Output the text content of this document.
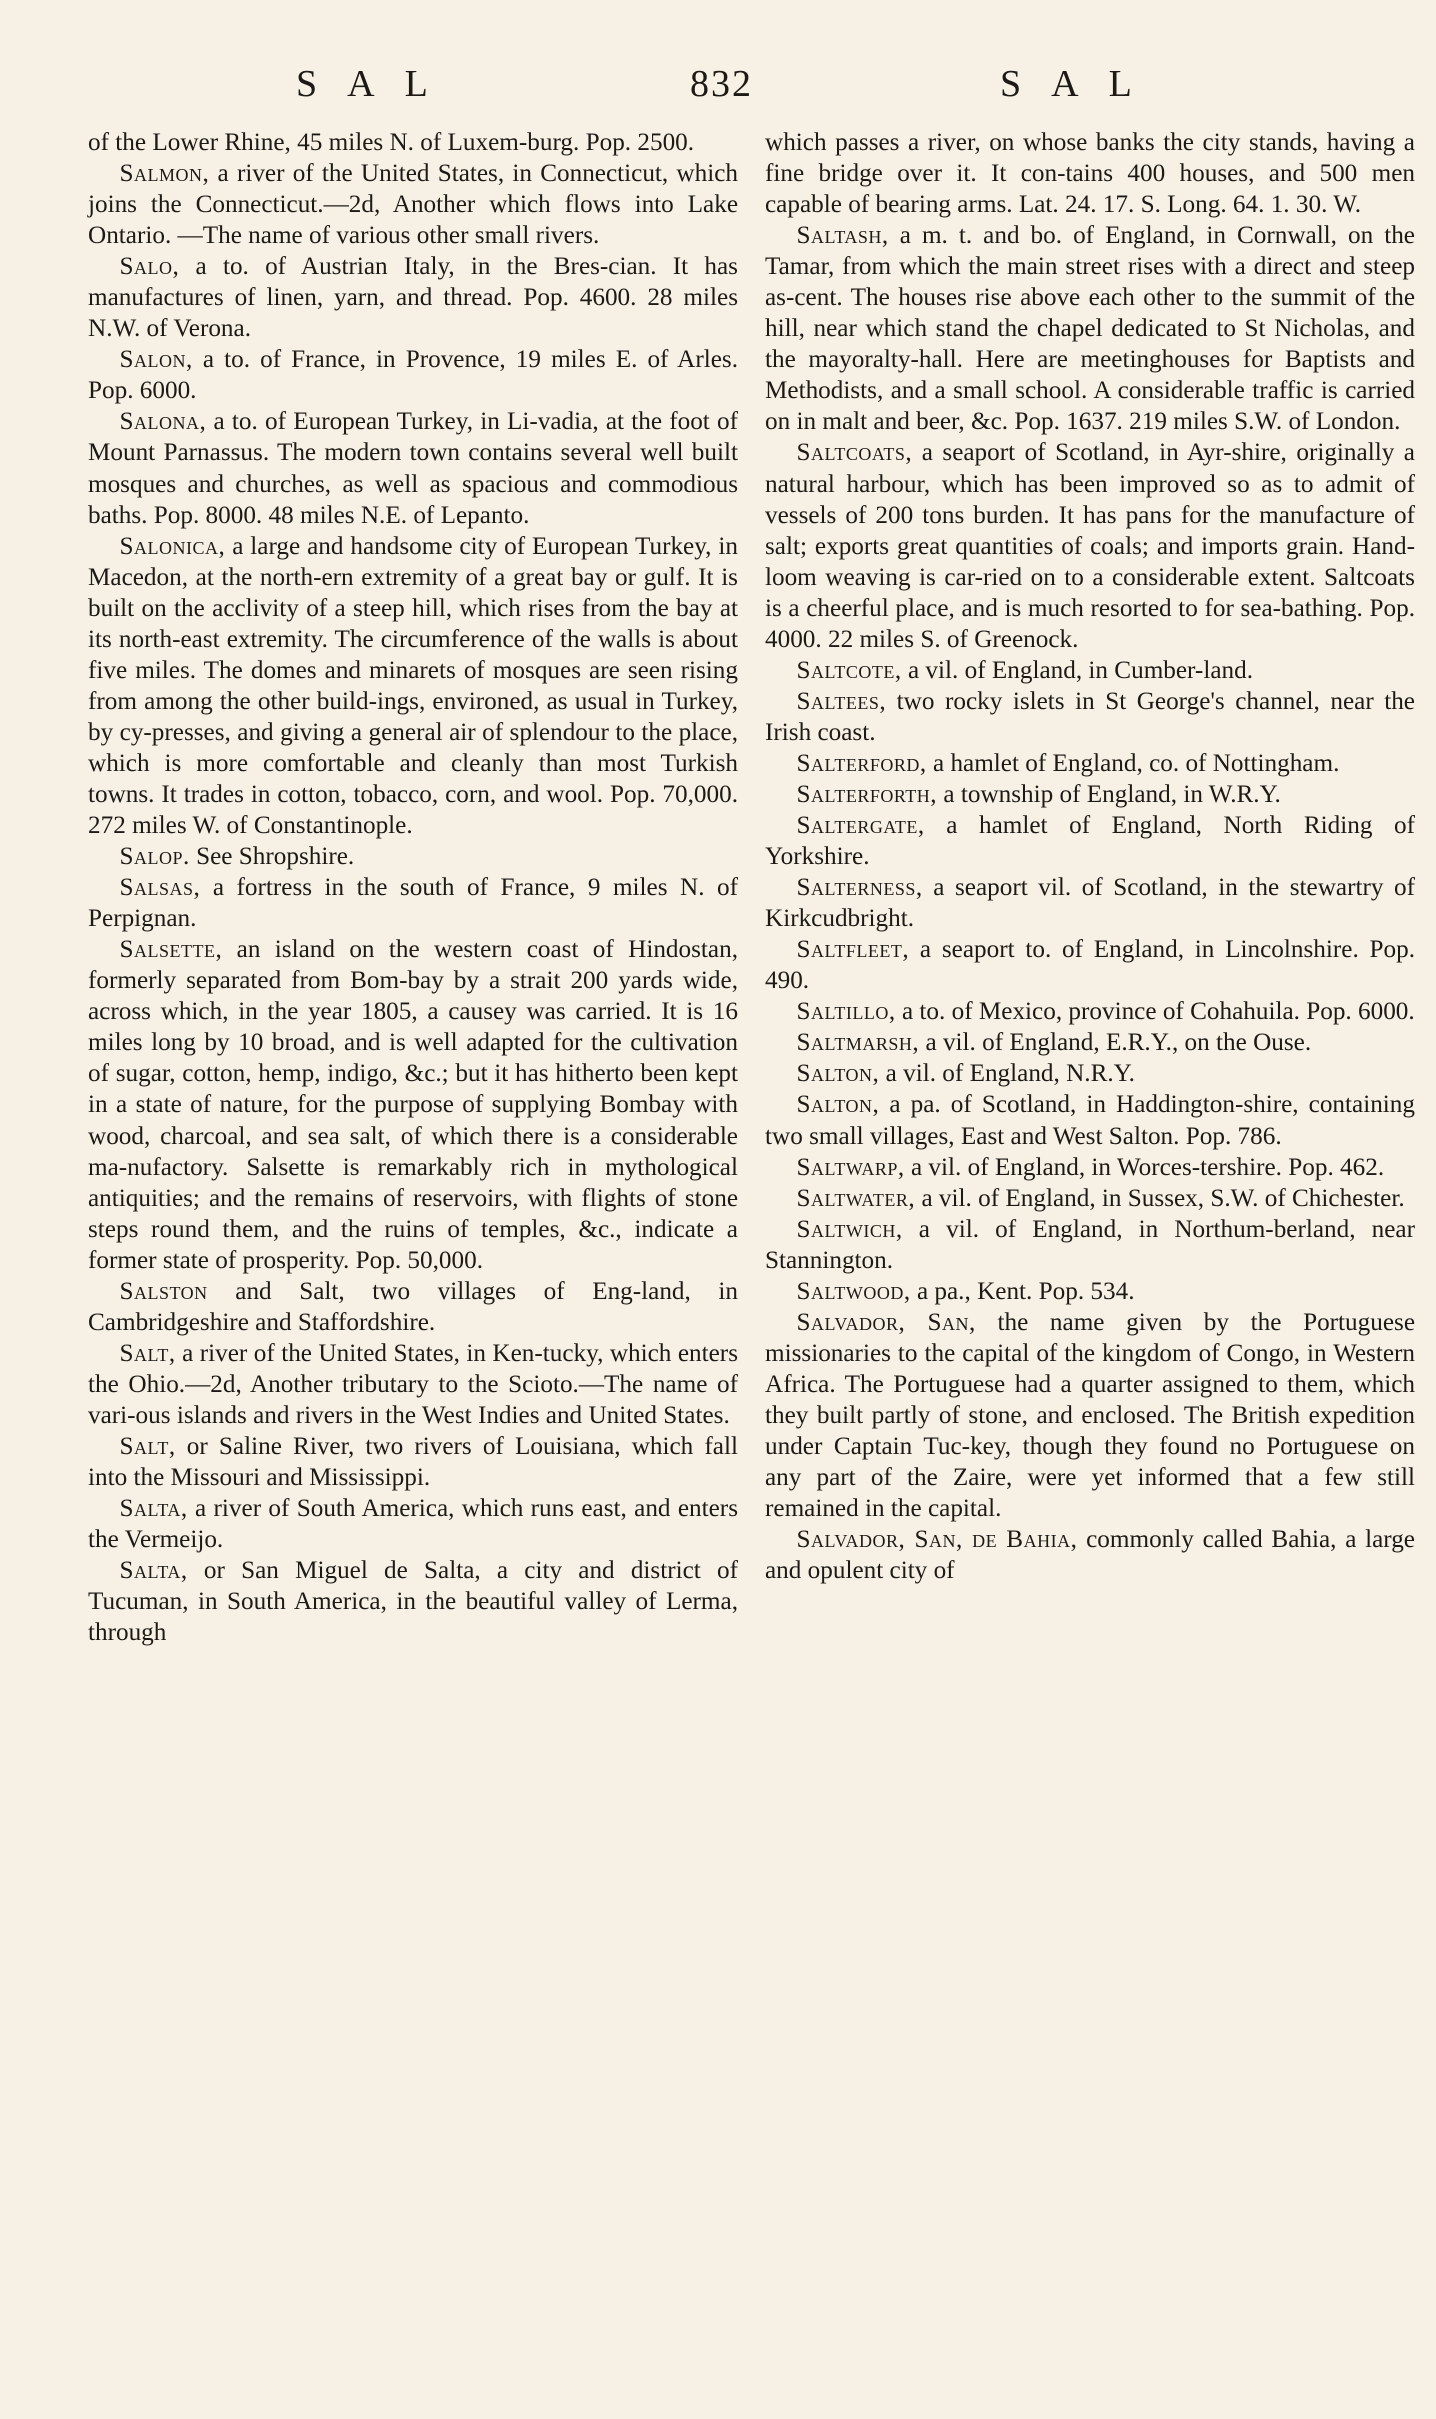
SAL	832	SAL

of the Lower Rhine, 45 miles N. of Luxem-burg. Pop. 2500.

Salmon, a river of the United States, in Connecticut, which joins the Connecticut.—2d, Another which flows into Lake Ontario. —The name of various other small rivers.

Salo, a to. of Austrian Italy, in the Bres-cian. It has manufactures of linen, yarn, and thread. Pop. 4600. 28 miles N.W. of Verona.

Salon, a to. of France, in Provence, 19 miles E. of Arles. Pop. 6000.

Salona, a to. of European Turkey, in Li-vadia, at the foot of Mount Parnassus. The modern town contains several well built mosques and churches, as well as spacious and commodious baths. Pop. 8000. 48 miles N.E. of Lepanto.

Salonica, a large and handsome city of European Turkey, in Macedon, at the north-ern extremity of a great bay or gulf. It is built on the acclivity of a steep hill, which rises from the bay at its north-east extremity. The circumference of the walls is about five miles. The domes and minarets of mosques are seen rising from among the other build-ings, environed, as usual in Turkey, by cy-presses, and giving a general air of splendour to the place, which is more comfortable and cleanly than most Turkish towns. It trades in cotton, tobacco, corn, and wool. Pop. 70,000. 272 miles W. of Constantinople.

Salop. See Shropshire.

Salsas, a fortress in the south of France, 9 miles N. of Perpignan.

Salsette, an island on the western coast of Hindostan, formerly separated from Bom-bay by a strait 200 yards wide, across which, in the year 1805, a causey was carried. It is 16 miles long by 10 broad, and is well adapted for the cultivation of sugar, cotton, hemp, indigo, &c.; but it has hitherto been kept in a state of nature, for the purpose of supplying Bombay with wood, charcoal, and sea salt, of which there is a considerable ma-nufactory. Salsette is remarkably rich in mythological antiquities; and the remains of reservoirs, with flights of stone steps round them, and the ruins of temples, &c., indicate a former state of prosperity. Pop. 50,000.

Salston and Salt, two villages of Eng-land, in Cambridgeshire and Staffordshire.

Salt, a river of the United States, in Ken-tucky, which enters the Ohio.—2d, Another tributary to the Scioto.—The name of vari-ous islands and rivers in the West Indies and United States.

Salt, or Saline River, two rivers of Louisiana, which fall into the Missouri and Mississippi.

Salta, a river of South America, which runs east, and enters the Vermeijo.

Salta, or San Miguel de Salta, a city and district of Tucuman, in South America, in the beautiful valley of Lerma, through

which passes a river, on whose banks the city stands, having a fine bridge over it. It con-tains 400 houses, and 500 men capable of bearing arms. Lat. 24. 17. S. Long. 64. 1. 30. W.

Saltash, a m. t. and bo. of England, in Cornwall, on the Tamar, from which the main street rises with a direct and steep as-cent. The houses rise above each other to the summit of the hill, near which stand the chapel dedicated to St Nicholas, and the mayoralty-hall. Here are meetinghouses for Baptists and Methodists, and a small school. A considerable traffic is carried on in malt and beer, &c. Pop. 1637. 219 miles S.W. of London.

Saltcoats, a seaport of Scotland, in Ayr-shire, originally a natural harbour, which has been improved so as to admit of vessels of 200 tons burden. It has pans for the manufacture of salt; exports great quantities of coals; and imports grain. Hand-loom weaving is car-ried on to a considerable extent. Saltcoats is a cheerful place, and is much resorted to for sea-bathing. Pop. 4000. 22 miles S. of Greenock.

Saltcote, a vil. of England, in Cumber-land.

Saltees, two rocky islets in St George's channel, near the Irish coast.

Salterford, a hamlet of England, co. of Nottingham.

Salterforth, a township of England, in W.R.Y.

Saltergate, a hamlet of England, North Riding of Yorkshire.

Salterness, a seaport vil. of Scotland, in the stewartry of Kirkcudbright.

Saltfleet, a seaport to. of England, in Lincolnshire. Pop. 490.

Saltillo, a to. of Mexico, province of Cohahuila. Pop. 6000.

Saltmarsh, a vil. of England, E.R.Y., on the Ouse.

Salton, a vil. of England, N.R.Y.

Salton, a pa. of Scotland, in Haddington-shire, containing two small villages, East and West Salton. Pop. 786.

Saltwarp, a vil. of England, in Worces-tershire. Pop. 462.

Saltwater, a vil. of England, in Sussex, S.W. of Chichester.

Saltwich, a vil. of England, in Northum-berland, near Stannington.

Saltwood, a pa., Kent. Pop. 534.

Salvador, San, the name given by the Portuguese missionaries to the capital of the kingdom of Congo, in Western Africa. The Portuguese had a quarter assigned to them, which they built partly of stone, and enclosed. The British expedition under Captain Tuc-key, though they found no Portuguese on any part of the Zaire, were yet informed that a few still remained in the capital.

Salvador, San, de Bahia, commonly called Bahia, a large and opulent city of
